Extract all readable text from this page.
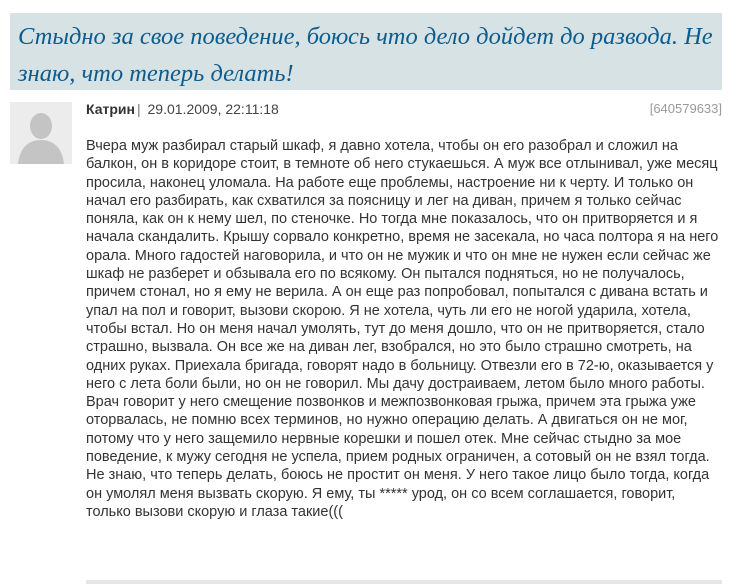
Стыдно за свое поведение, боюсь что дело дойдет до развода. Не знаю, что теперь делать!
Катрин | 29.01.2009, 22:11:18	[640579633]

Вчера муж разбирал старый шкаф, я давно хотела, чтобы он его разобрал и сложил на балкон, он в коридоре стоит, в темноте об него стукаешься. А муж все отлынивал, уже месяц просила, наконец уломала. На работе еще проблемы, настроение ни к черту. И только он начал его разбирать, как схватился за поясницу и лег на диван, причем я только сейчас поняла, как он к нему шел, по стеночке. Но тогда мне показалось, что он притворяется и я начала скандалить. Крышу сорвало конкретно, время не засекала, но часа полтора я на него орала. Много гадостей наговорила, и что он не мужик и что он мне не нужен если сейчас же шкаф не разберет и обзывала его по всякому. Он пытался подняться, но не получалось, причем стонал, но я ему не верила. А он еще раз попробовал, попытался с дивана встать и упал на пол и говорит, вызови скорою. Я не хотела, чуть ли его не ногой ударила, хотела, чтобы встал. Но он меня начал умолять, тут до меня дошло, что он не притворяется, стало страшно, вызвала. Он все же на диван лег, взобрался, но это было страшно смотреть, на одних руках. Приехала бригада, говорят надо в больницу. Отвезли его в 72-ю, оказывается у него с лета боли были, но он не говорил. Мы дачу достраиваем, летом было много работы. Врач говорит у него смещение позвонков и межпозвонковая грыжа, причем эта грыжа уже оторвалась, не помню всех терминов, но нужно операцию делать. А двигаться он не мог, потому что у него защемило нервные корешки и пошел отек. Мне сейчас стыдно за мое поведение, к мужу сегодня не успела, прием родных ограничен, а сотовый он не взял тогда. Не знаю, что теперь делать, боюсь не простит он меня. У него такое лицо было тогда, когда он умолял меня вызвать скорую. Я ему, ты ***** урод, он со всем соглашается, говорит, только вызови скорую и глаза такие(((
